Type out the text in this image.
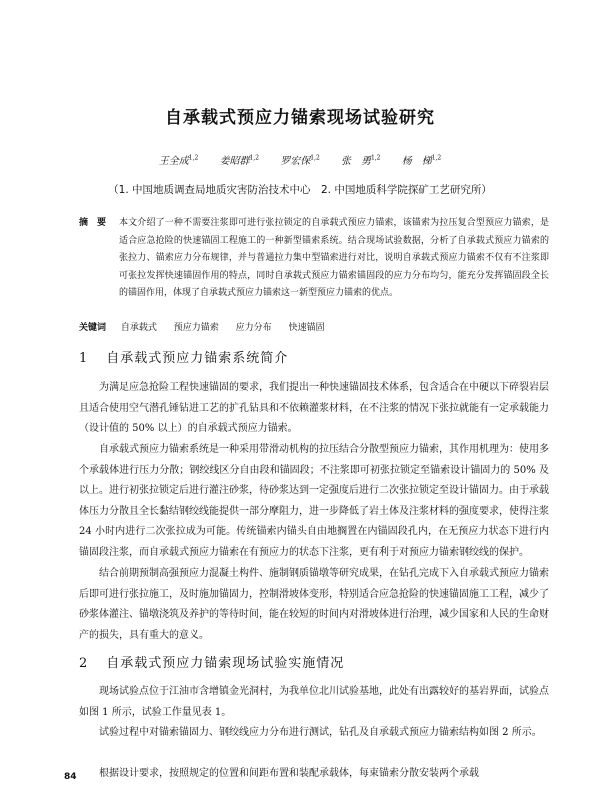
自承载式预应力锚索现场试验研究
王全成$^{1,2}$ 姜昭群$^{1,2}$ 罗宏保$^{1,2}$ 张　勇$^{1,2}$ 杨　梯$^{1,2}$
（1. 中国地质调查局地质灾害防治技术中心　2. 中国地质科学院探矿工艺研究所）
摘　要 本文介绍了一种不需要注浆即可进行张拉锁定的自承载式预应力锚索，该锚索为拉压复合型预应力锚索，是适合应急抢险的快速锚固工程施工的一种新型锚索系统。结合现场试验数据，分析了自承载式预应力锚索的张拉力、锚索应力分布规律，并与普通拉力集中型锚索进行对比，说明自承载式预应力锚索不仅有不注浆即可张拉发挥快速锚固作用的特点，同时自承载式预应力锚索锚固段的应力分布均匀，能充分发挥锚固段全长的锚固作用，体现了自承载式预应力锚索这一新型预应力锚索的优点。
关键词 自承载式 预应力锚索 应力分布 快速锚固
1 自承载式预应力锚索系统简介
为满足应急抢险工程快速锚固的要求，我们提出一种快速锚固技术体系，包含适合在中硬以下碎裂岩层且适合使用空气潜孔锤钻进工艺的扩孔钻具和不依赖灌浆材料，在不注浆的情况下张拉就能有一定承载能力（设计值的 50% 以上）的自承载式预应力锚索。
自承载式预应力锚索系统是一种采用带滑动机构的拉压结合分散型预应力锚索，其作用机理为：使用多个承载体进行压力分散；钢绞线区分自由段和锚固段；不注浆即可初张拉锁定至锚索设计锚固力的 50% 及以上。进行初张拉锁定后进行灌注砂浆，待砂浆达到一定强度后进行二次张拉锁定至设计锚固力。由于承载体压力分散且全长黏结钢绞线能提供一部分摩阻力，进一步降低了岩土体及注浆材料的强度要求，使得注浆 24 小时内进行二次张拉成为可能。传统锚索内锚头自由地搁置在内锚固段孔内，在无预应力状态下进行内锚固段注浆，而自承载式预应力锚索在有预应力的状态下注浆，更有利于对预应力锚索钢绞线的保护。
结合前期预制高强预应力混凝土构件、施制钢质锚墩等研究成果，在钻孔完成下入自承载式预应力锚索后即可进行张拉施工，及时施加锚固力，控制滑坡体变形，特别适合应急抢险的快速锚固施工工程，减少了砂浆体灌注、锚墩浇筑及养护的等待时间，能在较短的时间内对滑坡体进行治理，减少国家和人民的生命财产的损失，具有重大的意义。
2 自承载式预应力锚索现场试验实施情况
现场试验点位于江油市含增镇金光洞村，为我单位北川试验基地，此处有出露较好的基岩界面，试验点如图 1 所示，试验工作量见表 1。
试验过程中对锚索锚固力、钢绞线应力分布进行测试，钻孔及自承载式预应力锚索结构如图 2 所示。
根据设计要求，按照规定的位置和间距布置和装配承载体，每束锚索分散安装两个承载
84
